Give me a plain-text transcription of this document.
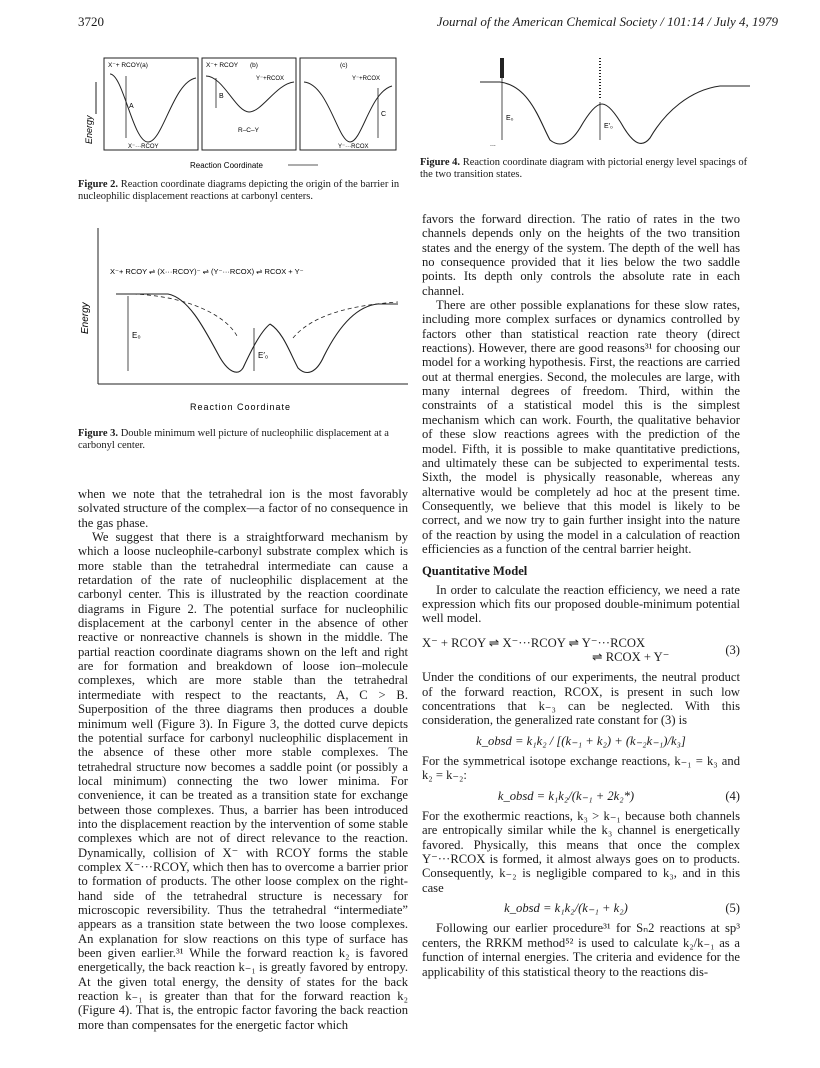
3720	Journal of the American Chemical Society / 101:14 / July 4, 1979
Energy
X⁻+ RCOY (a)
A
X⁻···RCOY
X⁻+ RCOY (b)
Y⁻+RCOX
B
R–C–Y
(c)
Y⁻+RCOX
C
Y⁻···RCOX
Reaction Coordinate
Figure 2. Reaction coordinate diagrams depicting the origin of the barrier in nucleophilic displacement reactions at carbonyl centers.
Energy
X⁻+ RCOY ⇌ (X···RCOY)⁻ ⇌ (Y⁻···RCOX) ⇌ RCOX + Y⁻
E₀
E′₀
Reaction Coordinate
Figure 3. Double minimum well picture of nucleophilic displacement at a carbonyl center.
E₀
E′₀
...
Figure 4. Reaction coordinate diagram with pictorial energy level spacings of the two transition states.

when we note that the tetrahedral ion is the most favorably solvated structure of the complex—a factor of no consequence in the gas phase.

We suggest that there is a straightforward mechanism by which a loose nucleophile-carbonyl substrate complex which is more stable than the tetrahedral intermediate can cause a retardation of the rate of nucleophilic displacement at the carbonyl center. This is illustrated by the reaction coordinate diagrams in Figure 2. The potential surface for nucleophilic displacement at the carbonyl center in the absence of other reactive or nonreactive channels is shown in the middle. The partial reaction coordinate diagrams shown on the left and right are for formation and breakdown of loose ion–molecule complexes, which are more stable than the tetrahedral intermediate with respect to the reactants, A, C > B. Superposition of the three diagrams then produces a double minimum well (Figure 3). In Figure 3, the dotted curve depicts the potential surface for carbonyl nucleophilic displacement in the absence of these other more stable complexes. The tetrahedral structure now becomes a saddle point (or possibly a local minimum) connecting the two lower minima. For convenience, it can be treated as a transition state for exchange between those complexes. Thus, a barrier has been introduced into the displacement reaction by the intervention of some stable complexes which are not of direct relevance to the reaction. Dynamically, collision of X⁻ with RCOY forms the stable complex X⁻···RCOY, which then has to overcome a barrier prior to formation of products. The other loose complex on the right-hand side of the tetrahedral structure is necessary for microscopic reversibility. Thus the tetrahedral “intermediate” appears as a transition state between the two loose complexes. An explanation for slow reactions on this type of surface has been given earlier.³¹ While the forward reaction k₂ is favored energetically, the back reaction k₋₁ is greatly favored by entropy. At the given total energy, the density of states for the back reaction k₋₁ is greater than that for the forward reaction k₂ (Figure 4). That is, the entropic factor favoring the back reaction more than compensates for the energetic factor which

favors the forward direction. The ratio of rates in the two channels depends only on the heights of the two transition states and the energy of the system. The depth of the well has no consequence provided that it lies below the two saddle points. Its depth only controls the absolute rate in each channel.

There are other possible explanations for these slow rates, including more complex surfaces or dynamics controlled by factors other than statistical reaction rate theory (direct reactions). However, there are good reasons³¹ for choosing our model for a working hypothesis. First, the reactions are carried out at thermal energies. Second, the molecules are large, with many internal degrees of freedom. Third, within the constraints of a statistical model this is the simplest mechanism which can work. Fourth, the qualitative behavior of these slow reactions agrees with the prediction of the model. Fifth, it is possible to make quantitative predictions, and ultimately these can be subjected to experimental tests. Sixth, the model is physically reasonable, whereas any alternative would be completely ad hoc at the present time. Consequently, we believe that this model is likely to be correct, and we now try to gain further insight into the nature of the reaction by using the model in a calculation of reaction efficiencies as a function of the central barrier height.

Quantitative Model

In order to calculate the reaction efficiency, we need a rate expression which fits our proposed double-minimum potential well model.

X⁻ + RCOY ⇌ X⁻···RCOY ⇌ Y⁻···RCOX
⇌ RCOX + Y⁻
(3)

Under the conditions of our experiments, the neutral product of the forward reaction, RCOX, is present in such low concentrations that k₋₃ can be neglected. With this consideration, the generalized rate constant for (3) is

k_obsd = k₁k₂ / [(k₋₁ + k₂) + (k₋₂k₋₁)/k₃]

For the symmetrical isotope exchange reactions, k₋₁ = k₃ and k₂ = k₋₂:

k_obsd = k₁k₂/(k₋₁ + 2k₂*)	(4)

For the exothermic reactions, k₃ > k₋₁ because both channels are entropically similar while the k₃ channel is energetically favored. Physically, this means that once the complex Y⁻···RCOX is formed, it almost always goes on to products. Consequently, k₋₂ is negligible compared to k₃, and in this case

k_obsd = k₁k₂/(k₋₁ + k₂)	(5)

Following our earlier procedure³¹ for Sₙ2 reactions at sp³ centers, the RRKM method⁵² is used to calculate k₂/k₋₁ as a function of internal energies. The criteria and evidence for the applicability of this statistical theory to the reactions dis-
